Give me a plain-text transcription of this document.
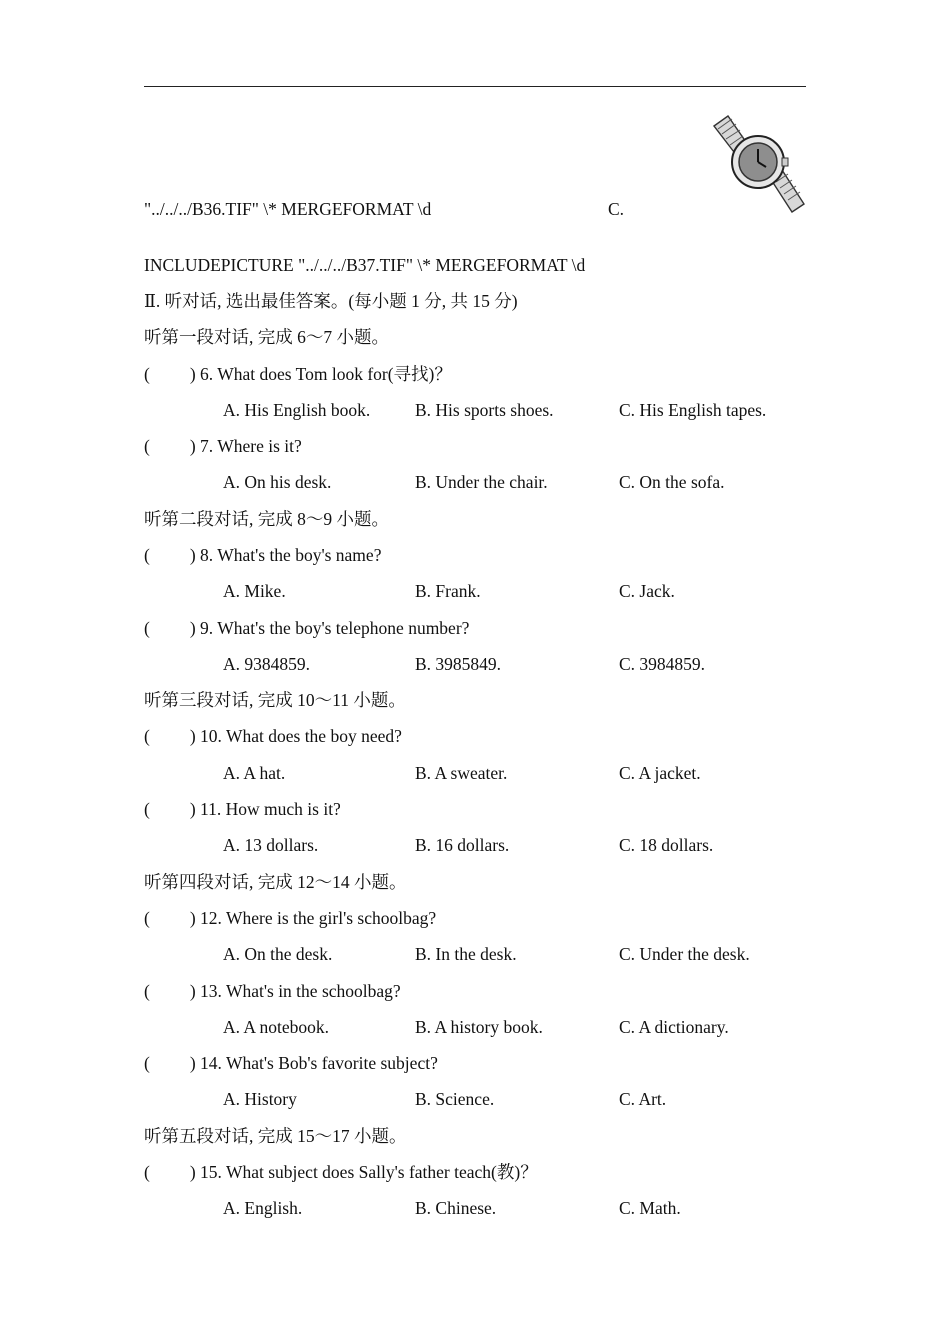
"../../../B36.TIF" \* MERGEFORMAT \d	C.
INCLUDEPICTURE "../../../B37.TIF" \* MERGEFORMAT \d
Ⅱ. 听对话, 选出最佳答案。(每小题 1 分, 共 15 分)
听第一段对话, 完成 6～7 小题。
( ) 6. What does Tom look for(寻找)？
A. His English book.	B. His sports shoes.	C. His English tapes.
( ) 7. Where is it?
A. On his desk.	B. Under the chair.	C. On the sofa.
听第二段对话, 完成 8～9 小题。
( ) 8. What's the boy's name?
A. Mike.	B. Frank.	C. Jack.
( ) 9. What's the boy's telephone number?
A. 9384859.	B. 3985849.	C. 3984859.
听第三段对话, 完成 10～11 小题。
( ) 10. What does the boy need?
A. A hat.	B. A sweater.	C. A jacket.
( ) 11. How much is it?
A. 13 dollars.	B. 16 dollars.	C. 18 dollars.
听第四段对话, 完成 12～14 小题。
( ) 12. Where is the girl's schoolbag?
A. On the desk.	B. In the desk.	C. Under the desk.
( ) 13. What's in the schoolbag?
A. A notebook.	B. A history book.	C. A dictionary.
( ) 14. What's Bob's favorite subject?
A. History	B. Science.	C. Art.
听第五段对话, 完成 15～17 小题。
( ) 15. What subject does Sally's father teach(教)？
A. English.	B. Chinese.	C. Math.
